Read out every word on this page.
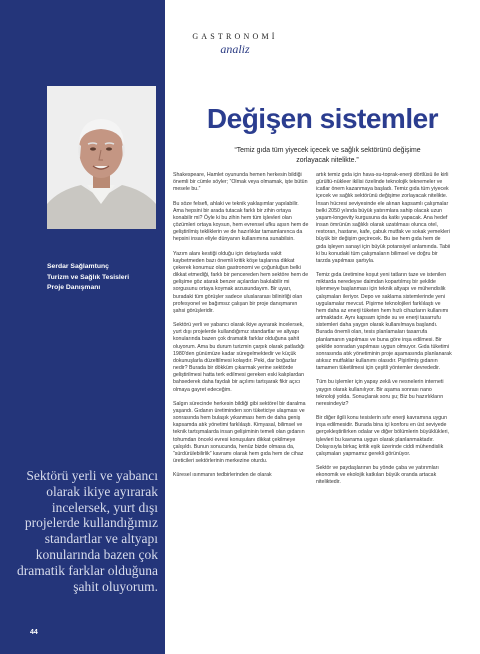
Serdar Sağlamtunç
Turizm ve Sağlık Tesisleri
Proje Danışmanı
Sektörü yerli ve yabancı olarak ikiye ayırarak incelersek, yurt dışı projelerde kullandığımız standartlar ve altyapı konularında bazen çok dramatik farklar olduğuna şahit oluyorum.
44
GASTRONOMİ
analiz
Değişen sistemler
“Temiz gıda tüm yiyecek içecek ve sağlık sektörünü değişime zorlayacak niteliktе.”

Shakespeare, Hamlet oyununda hemen herkesin bildiği önemli bir cümle söyler; “Olmak veya olmamak, işte bütün mesele bu.”

Bu söze felsefi, ahlaki ve teknik yaklaşımlar yapılabilir. Ama hepsini bir arada tutacak farklı bir zihin ortaya konabilir mi? Öyle ki bu zihin hem tüm işlevleri olan çözümleri ortaya koysun, hem evrensel ufku aşsın hem de geliştirilmiş tekliklerin ve de hazırlıklar tamamlanınca da hepsini insan eliyle dünyanın kullanımına sunabilsin.

Yazım alanı kestiği olduğu için detaylarda vakit kaybetmeden bazı önemli kritik köşe taşlarına dikkat çekerek konumuz olan gastronomi ve çoğunluğun belki dikkat etmediği, farklı bir pencereden hem sektöre hem de gelişime göz atarak benzer açılardan bakılabilir mi sorgusunu ortaya koymak arzusundayım. Bir uyarı, buradaki tüm görüşler sadece uluslararası bilinirliği olan profesyonel ve bağımsız çalışan bir proje danışmanın şahsi görüşleridir.

Sektörü yerli ve yabancı olarak ikiye ayırarak incelersek, yurt dışı projelerde kullandığımız standartlar ve altyapı konularında bazen çok dramatik farklar olduğuna şahit oluyorum. Ama bu durum turizmin çarpık olarak patladığı 1980'den günümüze kadar süregelmektedir ve küçük dokunuşlarla düzeltilmesi kolaydır. Peki, dar boğazlar nedir? Burada bir dökküm çıkarmak yerine sektörde geliştirilmesi hatta terk edilmesi gereken eski kalıplardan bahsederek daha faydalı bir açılımı tartışarak fikir açıcı olmaya gayret edeceğim.

Salgın sürecinde herkesin bildiği gibi sektörel bir daralma yaşandı. Gıdanın üretiminden son tüketiciye ulaşması ve sonrasında hem bulaşık yıkanması hem de daha geniş kapsamda atık yönetimi farklılaştı. Kimyasal, bilimsel ve teknik tartışmalarda insan gelişiminin temeli olan gıdanın tohumdan önceki evresi konuşulanı dikkat çekilmeye çalışıldı. Bunun sonucunda, henüz bizde olmasa da, “sürdürülebilirlik” kavramı olarak hem gıda hem de cihaz üreticileri sektörlerinin merkezine oturdu.

Küresel ısınmanın tedbirlerinden de olarak

artık temiz gıda için hava-su-toprak-enerji dörtlüsü ile kirli gürültü-nükleer ikilisi özelinde teknolojik teknemeler ve icatlar önem kazanmaya başladı. Temiz gıda tüm yiyecek içecek ve sağlık sektörünü değişime zorlayacak nitelikte. İnsan hücresi seviyesinde ele alınan kapsamlı çalışmalar belki 2050 yılında büyük yatırımlara sahip olacak uzun yaşam-longevity kurgusuna da katkı yapacak. Ana hedef insan ömrünün sağlıklı olarak uzatılması olunca otel, restoran, hastane, kafe, çabuk mutfak ve sokak yemekleri büyük bir değişim geçirecek. Bu ise hem gıda hem de gıda işleyen sanayi için büyük potansiyel anlamında. Tabii ki bu konudaki tüm çalışmaların bilimsel ve doğru bir tarzda yapılması şartıyla.

Temiz gıda üretimine koşut yeni tatların taze ve istenilen miktarda neredeyse daimdan kopartılmış bir şekilde işlenmeye başlanması için teknik altyapı ve mühendislik çalışmaları ileriyor. Depo ve saklama sistemlerinde yeni uygulamalar mevcut. Pişirme teknolojileri farklılaştı ve hem daha az enerji tüketen hem hızlı cihazların kullanımı artmaktadır. Aynı kapsam içinde su ve enerji tasarrufu sistemleri daha yaygın olarak kullanılmaya başlandı. Burada önemli olan, tesis planlamaları tasarrufa planlamanın yapılması ve buna göre inşa edilmesi. Bir şekilde sonradan yapılması uygun olmuyor. Gıda tüketimi sonrasında atık yönetiminin proje aşamasında planlanarak atıksız mutfaklar kullanımı olasıdır. Pişirilmiş gıdanın tamamen tüketilmesi için çeşitli yöntemler devrededir.

Tüm bu işlemler için yapay zekâ ve nesnelerin interneti yaygın olarak kullanılıyor. Bir aşama sonrası nano teknoloji yolda. Sonuçlarak soru şu; Biz bu hazırlıkların neresindeyiz?

Bir diğer ilgili konu tesislerin sıfır enerji kavramına uygun inşa edilmesidir. Burada bina içi konforu en üst seviyede gerçekleştirilirken odalar ve diğer bölümlerin büyüklükleri, işlevleri bu kavrama uygun olarak planlanmaktadır. Dolayısıyla birkaç kritik eşik üzerinde ciddi mühendislik çalışmaları yapmamız gerekli görünüyor.

Sektör ve paydaşlarının bu yönde çaba ve yatırımları ekonomik ve ekolojik katkıları büyük oranda artacak niteliktedir.
